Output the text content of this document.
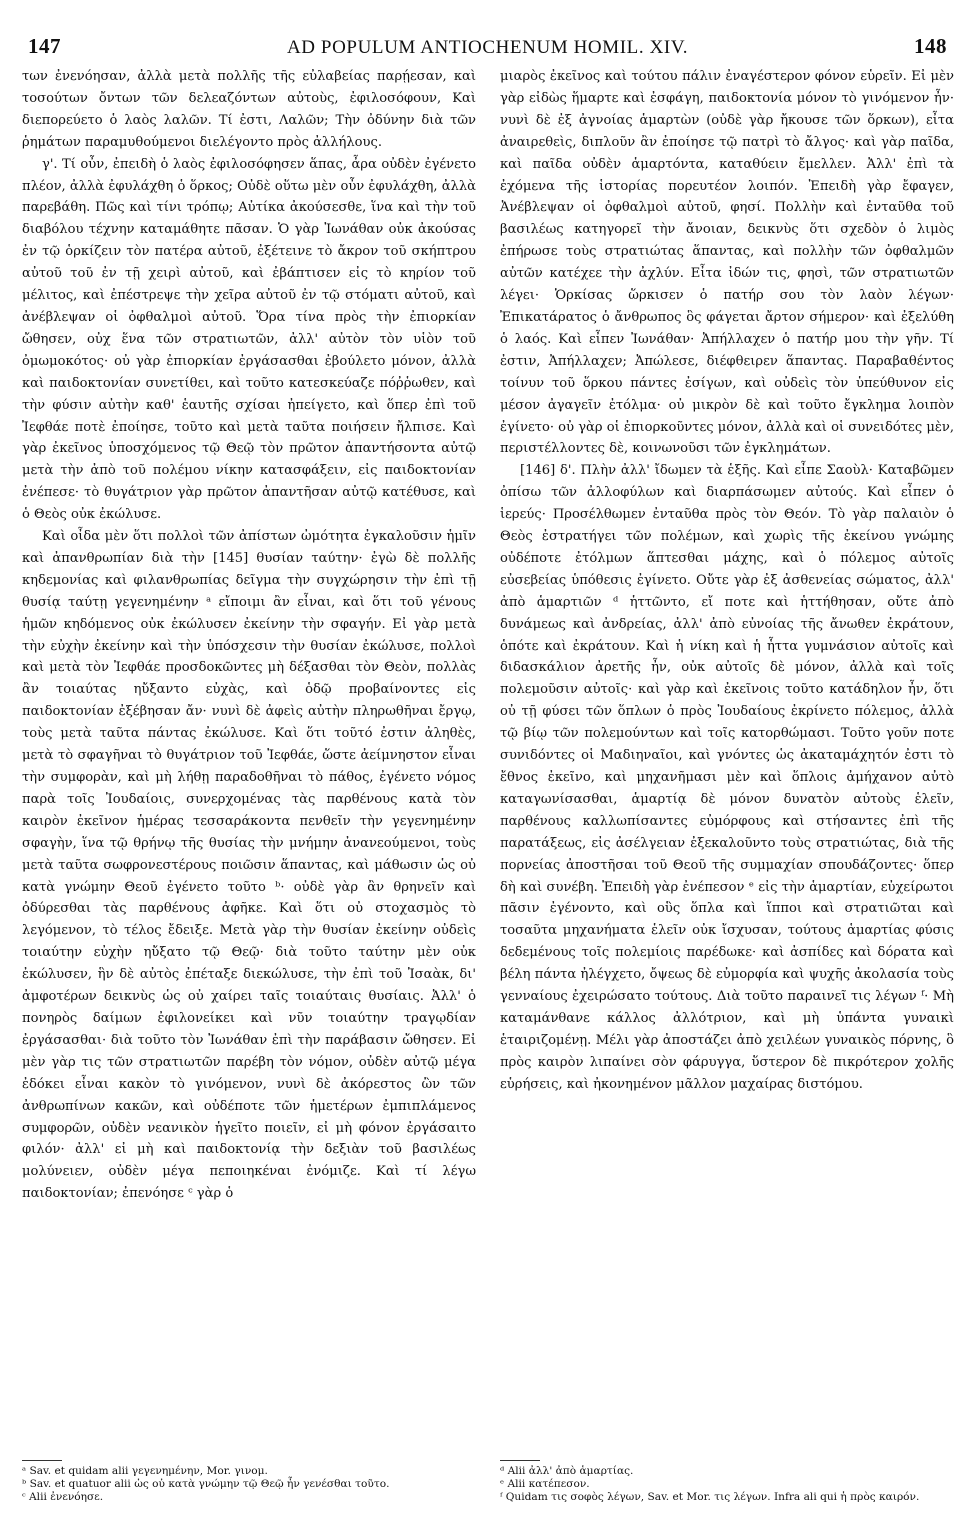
147	AD POPULUM ANTIOCHENUM HOMIL. XIV.	148

των ἐνενόησαν, ἀλλὰ μετὰ πολλῆς τῆς εὐλαβείας παρῄεσαν, καὶ τοσούτων ὄντων τῶν δελεαζόντων αὐτοὺς, ἐφιλοσόφουν, Καὶ διεπορεύετο ὁ λαὸς λαλῶν. Τί ἐστι, Λαλῶν; Τὴν ὀδύνην διὰ τῶν ῥημάτων παραμυθούμενοι διελέγοντο πρὸς ἀλλήλους.

γ'. Τί οὖν, ἐπειδὴ ὁ λαὸς ἐφιλοσόφησεν ἅπας, ἆρα οὐδὲν ἐγένετο πλέον, ἀλλὰ ἐφυλάχθη ὁ ὅρκος; Οὐδὲ οὕτω μὲν οὖν ἐφυλάχθη, ἀλλὰ παρεβάθη. Πῶς καὶ τίνι τρόπῳ; Αὐτίκα ἀκούσεσθε, ἵνα καὶ τὴν τοῦ διαβόλου τέχνην καταμάθητε πᾶσαν. Ὁ γὰρ Ἰωνάθαν οὐκ ἀκούσας ἐν τῷ ὁρκίζειν τὸν πατέρα αὐτοῦ, ἐξέτεινε τὸ ἄκρον τοῦ σκήπτρου αὐτοῦ τοῦ ἐν τῇ χειρὶ αὐτοῦ, καὶ ἐβάπτισεν εἰς τὸ κηρίον τοῦ μέλιτος, καὶ ἐπέστρεψε τὴν χεῖρα αὐτοῦ ἐν τῷ στόματι αὐτοῦ, καὶ ἀνέβλεψαν οἱ ὀφθαλμοὶ αὐτοῦ. Ὅρα τίνα πρὸς τὴν ἐπιορκίαν ὤθησεν, οὐχ ἕνα τῶν στρατιωτῶν, ἀλλ' αὐτὸν τὸν υἱὸν τοῦ ὀμωμοκότος· οὐ γὰρ ἐπιορκίαν ἐργάσασθαι ἐβούλετο μόνον, ἀλλὰ καὶ παιδοκτονίαν συνετίθει, καὶ τοῦτο κατεσκεύαζε πόῤῥωθεν, καὶ τὴν φύσιν αὐτὴν καθ' ἑαυτῆς σχίσαι ἠπείγετο, καὶ ὅπερ ἐπὶ τοῦ Ἰεφθάε ποτὲ ἐποίησε, τοῦτο καὶ μετὰ ταῦτα ποιήσειν ἤλπισε. Καὶ γὰρ ἐκεῖνος ὑποσχόμενος τῷ Θεῷ τὸν πρῶτον ἀπαντήσοντα αὐτῷ μετὰ τὴν ἀπὸ τοῦ πολέμου νίκην κατασφάξειν, εἰς παιδοκτονίαν ἐνέπεσε· τὸ θυγάτριον γὰρ πρῶτον ἀπαντῆσαν αὐτῷ κατέθυσε, καὶ ὁ Θεὸς οὐκ ἐκώλυσε.

Καὶ οἶδα μὲν ὅτι πολλοὶ τῶν ἀπίστων ὠμότητα ἐγκαλοῦσιν ἡμῖν καὶ ἀπανθρωπίαν διὰ τὴν [145] θυσίαν ταύτην· ἐγὼ δὲ πολλῆς κηδεμονίας καὶ φιλανθρωπίας δεῖγμα τὴν συγχώρησιν τὴν ἐπὶ τῇ θυσίᾳ ταύτῃ γεγενημένην ᵃ εἴποιμι ἂν εἶναι, καὶ ὅτι τοῦ γένους ἡμῶν κηδόμενος οὐκ ἐκώλυσεν ἐκείνην τὴν σφαγήν. Εἰ γὰρ μετὰ τὴν εὐχὴν ἐκείνην καὶ τὴν ὑπόσχεσιν τὴν θυσίαν ἐκώλυσε, πολλοὶ καὶ μετὰ τὸν Ἰεφθάε προσδοκῶντες μὴ δέξασθαι τὸν Θεὸν, πολλὰς ἂν τοιαύτας ηὔξαντο εὐχὰς, καὶ ὁδῷ προβαίνοντες εἰς παιδοκτονίαν ἐξέβησαν ἄν· νυνὶ δὲ ἀφεὶς αὐτὴν πληρωθῆναι ἔργῳ, τοὺς μετὰ ταῦτα πάντας ἐκώλυσε. Καὶ ὅτι τοῦτό ἐστιν ἀληθὲς, μετὰ τὸ σφαγῆναι τὸ θυγάτριον τοῦ Ἰεφθάε, ὥστε ἀείμνηστον εἶναι τὴν συμφορὰν, καὶ μὴ λήθῃ παραδοθῆναι τὸ πάθος, ἐγένετο νόμος παρὰ τοῖς Ἰουδαίοις, συνερχομένας τὰς παρθένους κατὰ τὸν καιρὸν ἐκεῖνον ἡμέρας τεσσαράκοντα πενθεῖν τὴν γεγενημένην σφαγὴν, ἵνα τῷ θρήνῳ τῆς θυσίας τὴν μνήμην ἀνανεούμενοι, τοὺς μετὰ ταῦτα σωφρονεστέρους ποιῶσιν ἅπαντας, καὶ μάθωσιν ὡς οὐ κατὰ γνώμην Θεοῦ ἐγένετο τοῦτο ᵇ· οὐδὲ γὰρ ἂν θρηνεῖν καὶ ὀδύρεσθαι τὰς παρθένους ἀφῆκε. Καὶ ὅτι οὐ στοχασμὸς τὸ λεγόμενον, τὸ τέλος ἔδειξε. Μετὰ γὰρ τὴν θυσίαν ἐκείνην οὐδεὶς τοιαύτην εὐχὴν ηὔξατο τῷ Θεῷ· διὰ τοῦτο ταύτην μὲν οὐκ ἐκώλυσεν, ἣν δὲ αὐτὸς ἐπέταξε διεκώλυσε, τὴν ἐπὶ τοῦ Ἰσαὰκ, δι' ἀμφοτέρων δεικνὺς ὡς οὐ χαίρει ταῖς τοιαύταις θυσίαις. Ἀλλ' ὁ πονηρὸς δαίμων ἐφιλονείκει καὶ νῦν τοιαύτην τραγῳδίαν ἐργάσασθαι· διὰ τοῦτο τὸν Ἰωνάθαν ἐπὶ τὴν παράβασιν ὤθησεν. Εἰ μὲν γὰρ τις τῶν στρατιωτῶν παρέβη τὸν νόμον, οὐδὲν αὐτῷ μέγα ἐδόκει εἶναι κακὸν τὸ γινόμενον, νυνὶ δὲ ἀκόρεστος ὢν τῶν ἀνθρωπίνων κακῶν, καὶ οὐδέποτε τῶν ἡμετέρων ἐμπιπλάμενος συμφορῶν, οὐδὲν νεανικὸν ἡγεῖτο ποιεῖν, εἰ μὴ φόνον ἐργάσαιτο φιλόν· ἀλλ' εἰ μὴ καὶ παιδοκτονίᾳ τὴν δεξιὰν τοῦ βασιλέως μολύνειεν, οὐδὲν μέγα πεποιηκέναι ἐνόμιζε. Καὶ τί λέγω παιδοκτονίαν; ἐπενόησε ᶜ γὰρ ὁ

μιαρὸς ἐκεῖνος καὶ τούτου πάλιν ἐναγέστερον φόνον εὑρεῖν. Εἰ μὲν γὰρ εἰδὼς ἥμαρτε καὶ ἐσφάγη, παιδοκτονία μόνον τὸ γινόμενον ἦν· νυνὶ δὲ ἐξ ἀγνοίας ἁμαρτὼν (οὐδὲ γὰρ ἤκουσε τῶν ὅρκων), εἶτα ἀναιρεθεὶς, διπλοῦν ἂν ἐποίησε τῷ πατρὶ τὸ ἄλγος· καὶ γὰρ παῖδα, καὶ παῖδα οὐδὲν ἁμαρτόντα, καταθύειν ἔμελλεν. Ἀλλ' ἐπὶ τὰ ἐχόμενα τῆς ἱστορίας πορευτέον λοιπόν. Ἐπειδὴ γὰρ ἔφαγεν, Ἀνέβλεψαν οἱ ὀφθαλμοὶ αὐτοῦ, φησί. Πολλὴν καὶ ἐνταῦθα τοῦ βασιλέως κατηγορεῖ τὴν ἄνοιαν, δεικνὺς ὅτι σχεδὸν ὁ λιμὸς ἐπήρωσε τοὺς στρατιώτας ἅπαντας, καὶ πολλὴν τῶν ὀφθαλμῶν αὐτῶν κατέχεε τὴν ἀχλύν. Εἶτα ἰδών τις, φησὶ, τῶν στρατιωτῶν λέγει· Ὁρκίσας ὥρκισεν ὁ πατήρ σου τὸν λαὸν λέγων· Ἐπικατάρατος ὁ ἄνθρωπος ὃς φάγεται ἄρτον σήμερον· καὶ ἐξελύθη ὁ λαός. Καὶ εἶπεν Ἰωνάθαν· Ἀπήλλαχεν ὁ πατήρ μου τὴν γῆν. Τί ἐστιν, Ἀπήλλαχεν; Ἀπώλεσε, διέφθειρεν ἅπαντας. Παραβαθέντος τοίνυν τοῦ ὅρκου πάντες ἐσίγων, καὶ οὐδεὶς τὸν ὑπεύθυνον εἰς μέσον ἀγαγεῖν ἐτόλμα· οὐ μικρὸν δὲ καὶ τοῦτο ἔγκλημα λοιπὸν ἐγίνετο· οὐ γὰρ οἱ ἐπιορκοῦντες μόνον, ἀλλὰ καὶ οἱ συνειδότες μὲν, περιστέλλοντες δὲ, κοινωνοῦσι τῶν ἐγκλημάτων.

[146] δ'. Πλὴν ἀλλ' ἴδωμεν τὰ ἑξῆς. Καὶ εἶπε Σαοὺλ· Καταβῶμεν ὀπίσω τῶν ἀλλοφύλων καὶ διαρπάσωμεν αὐτούς. Καὶ εἶπεν ὁ ἱερεύς· Προσέλθωμεν ἐνταῦθα πρὸς τὸν Θεόν. Τὸ γὰρ παλαιὸν ὁ Θεὸς ἐστρατήγει τῶν πολέμων, καὶ χωρὶς τῆς ἐκείνου γνώμης οὐδέποτε ἐτόλμων ἅπτεσθαι μάχης, καὶ ὁ πόλεμος αὐτοῖς εὐσεβείας ὑπόθεσις ἐγίνετο. Οὔτε γὰρ ἐξ ἀσθενείας σώματος, ἀλλ' ἀπὸ ἁμαρτιῶν ᵈ ἡττῶντο, εἴ ποτε καὶ ἡττήθησαν, οὔτε ἀπὸ δυνάμεως καὶ ἀνδρείας, ἀλλ' ἀπὸ εὐνοίας τῆς ἄνωθεν ἐκράτουν, ὁπότε καὶ ἐκράτουν. Καὶ ἡ νίκη καὶ ἡ ἧττα γυμνάσιον αὐτοῖς καὶ διδασκάλιον ἀρετῆς ἦν, οὐκ αὐτοῖς δὲ μόνον, ἀλλὰ καὶ τοῖς πολεμοῦσιν αὐτοῖς· καὶ γὰρ καὶ ἐκεῖνοις τοῦτο κατάδηλον ἦν, ὅτι οὐ τῇ φύσει τῶν ὅπλων ὁ πρὸς Ἰουδαίους ἐκρίνετο πόλεμος, ἀλλὰ τῷ βίῳ τῶν πολεμούντων καὶ τοῖς κατορθώμασι. Τοῦτο γοῦν ποτε συνιδόντες οἱ Μαδιηναῖοι, καὶ γνόντες ὡς ἀκαταμάχητόν ἐστι τὸ ἔθνος ἐκεῖνο, καὶ μηχανῆμασι μὲν καὶ ὅπλοις ἀμήχανον αὐτὸ καταγωνίσασθαι, ἁμαρτίᾳ δὲ μόνον δυνατὸν αὐτοὺς ἑλεῖν, παρθένους καλλωπίσαντες εὐμόρφους καὶ στήσαντες ἐπὶ τῆς παρατάξεως, εἰς ἀσέλγειαν ἐξεκαλοῦντο τοὺς στρατιώτας, διὰ τῆς πορνείας ἀποστῆσαι τοῦ Θεοῦ τῆς συμμαχίαν σπουδάζοντες· ὅπερ δὴ καὶ συνέβη. Ἐπειδὴ γὰρ ἐνέπεσον ᵉ εἰς τὴν ἁμαρτίαν, εὐχείρωτοι πᾶσιν ἐγένοντο, καὶ οὓς ὅπλα καὶ ἵπποι καὶ στρατιῶται καὶ τοσαῦτα μηχανήματα ἑλεῖν οὐκ ἴσχυσαν, τούτους ἁμαρτίας φύσις δεδεμένους τοῖς πολεμίοις παρέδωκε· καὶ ἀσπίδες καὶ δόρατα καὶ βέλη πάντα ἠλέγχετο, ὄψεως δὲ εὐμορφία καὶ ψυχῆς ἀκολασία τοὺς γενναίους ἐχειρώσατο τούτους. Διὰ τοῦτο παραινεῖ τις λέγων ᶠ· Μὴ καταμάνθανε κάλλος ἀλλότριον, καὶ μὴ ὑπάντα γυναικὶ ἑταιριζομένῃ. Μέλι γὰρ ἀποστάζει ἀπὸ χειλέων γυναικὸς πόρνης, ὃ πρὸς καιρὸν λιπαίνει σὸν φάρυγγα, ὕστερον δὲ πικρότερον χολῆς εὑρήσεις, καὶ ἠκονημένον μᾶλλον μαχαίρας διστόμου.

ᵃ Sav. et quidam alii γεγενημένην, Mor. γινομ.
ᵇ Sav. et quatuor alii ὡς οὐ κατὰ γνώμην τῷ Θεῷ ἦν γενέσθαι τοῦτο.
ᶜ Alii ἐνενόησε.
ᵈ Alii ἀλλ' ἀπὸ ἁμαρτίας.
ᵉ Alii κατέπεσον.
ᶠ Quidam τις σοφὸς λέγων, Sav. et Mor. τις λέγων. Infra ali qui ἡ πρὸς καιρόν.
